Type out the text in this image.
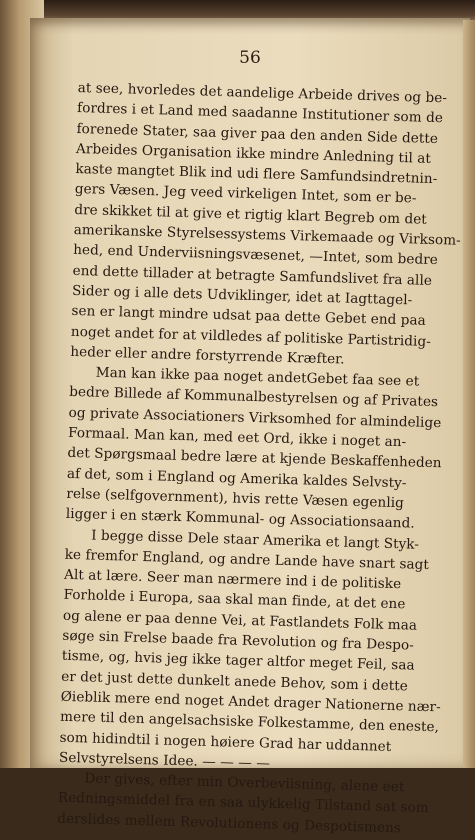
56
at see, hvorledes det aandelige Arbeide drives og be-
fordres i et Land med saadanne Institutioner som de
forenede Stater, saa giver paa den anden Side dette
Arbeides Organisation ikke mindre Anledning til at
kaste mangtet Blik ind udi flere Samfundsindretnin-
gers Væsen. Jeg veed virkeligen Intet, som er be-
dre skikket til at give et rigtig klart Begreb om det
amerikanske Styrelsessystems Virkemaade og Virksom-
hed, end Underviisningsvæsenet, —Intet, som bedre
end dette tillader at betragte Samfundslivet fra alle
Sider og i alle dets Udviklinger, idet at Iagttagel-
sen er langt mindre udsat paa dette Gebet end paa
noget andet for at vildledes af politiske Partistridig-
heder eller andre forstyrrende Kræfter.
Man kan ikke paa noget andetGebet faa see et
bedre Billede af Kommunalbestyrelsen og af Privates
og private Associationers Virksomhed for almindelige
Formaal. Man kan, med eet Ord, ikke i noget an-
det Spørgsmaal bedre lære at kjende Beskaffenheden
af det, som i England og Amerika kaldes Selvsty-
relse (selfgovernment), hvis rette Væsen egenlig
ligger i en stærk Kommunal- og Associationsaand.
I begge disse Dele staar Amerika et langt Styk-
ke fremfor England, og andre Lande have snart sagt
Alt at lære. Seer man nærmere ind i de politiske
Forholde i Europa, saa skal man finde, at det ene
og alene er paa denne Vei, at Fastlandets Folk maa
søge sin Frelse baade fra Revolution og fra Despo-
tisme, og, hvis jeg ikke tager altfor meget Feil, saa
er det just dette dunkelt anede Behov, som i dette
Øieblik mere end noget Andet drager Nationerne nær-
mere til den angelsachsiske Folkestamme, den eneste,
som hidindtil i nogen høiere Grad har uddannet
Selvstyrelsens Idee. — — — —
Der gives, efter min Overbeviisning, alene eet
Redningsmiddel fra en saa ulykkelig Tilstand sat som
derslides mellem Revolutionens og Despotismens
